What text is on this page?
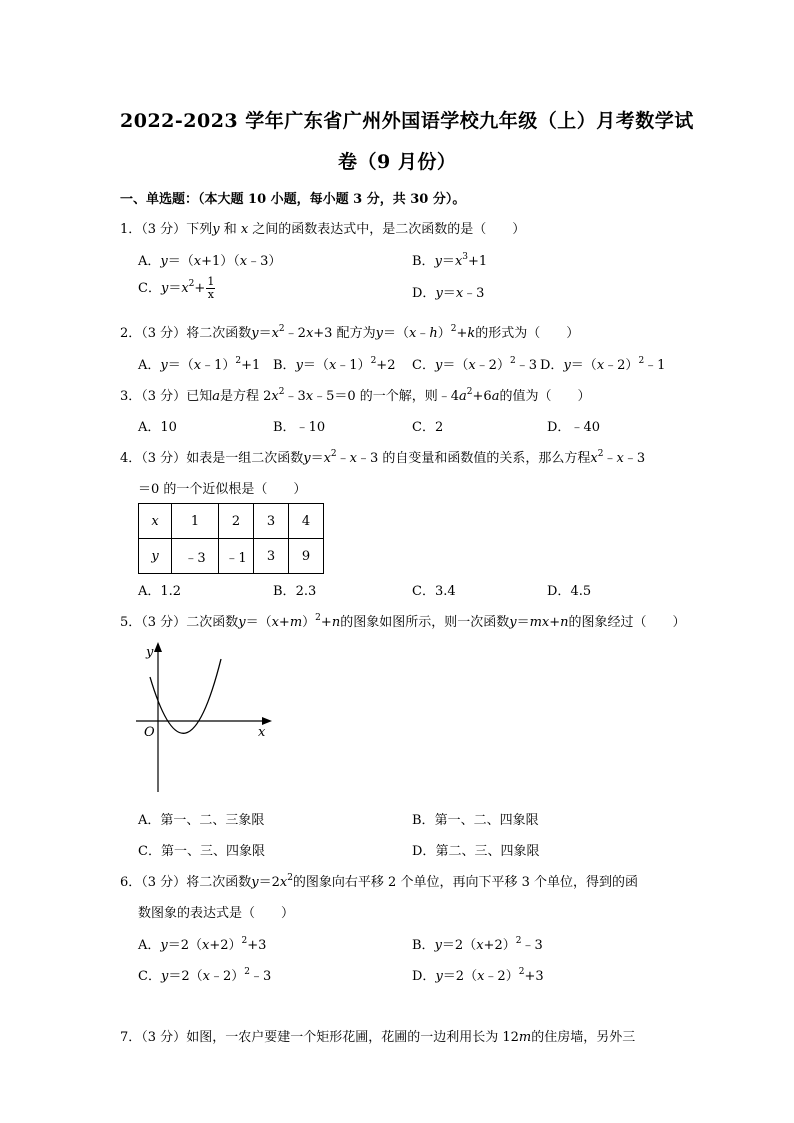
2022-2023 学年广东省广州外国语学校九年级（上）月考数学试
卷（9 月份）
一、单选题：（本大题 10 小题，每小题 3 分，共 30 分）。
1．（3 分）下列y 和 x 之间的函数表达式中，是二次函数的是（　　）
A．y＝（x+1）（x﹣3）	B．$y=x^3+1$
C．$y=x^2+ \frac{1}{x}$	D．y＝x﹣3
2．（3 分）将二次函数$y=x^2﹣2x+3$ 配方为y＝（x﹣h）$^2$+k的形式为（　　）
A．y＝（x﹣1）$^2$+1 B．y＝（x﹣1）$^2$+2 C．y＝（x﹣2）$^2$﹣3 D．y＝（x﹣2）$^2$﹣1
3．（3 分）已知a是方程 $2x^2﹣3x﹣5=0$ 的一个解，则$﹣4a^2+6a$的值为（　　）
A．10	B．﹣10	C．2	D．﹣40
4．（3 分）如表是一组二次函数$y=x^2﹣x﹣3$ 的自变量和函数值的关系，那么方程$x^2﹣x﹣3$
＝0 的一个近似根是（　　）
x	1	2	3	4
y	﹣3	﹣1	3	9
A．1.2	B．2.3	C．3.4	D．4.5
5．（3 分）二次函数$y=(x+m)^2+n$的图象如图所示，则一次函数y＝mx+n的图象经过（　　）
y
x
O
A．第一、二、三象限	B．第一、二、四象限
C．第一、三、四象限	D．第二、三、四象限
6．（3 分）将二次函数$y=2x^2$的图象向右平移 2 个单位，再向下平移 3 个单位，得到的函
数图象的表达式是（　　）
A．$y=2(x+2)^2+3$	B．$y=2(x+2)^2﹣3$
C．y＝2（x﹣2）$^2$﹣3	D．y＝2（x﹣2）$^2$+3
7．（3 分）如图，一农户要建一个矩形花圃，花圃的一边利用长为 12m的住房墙，另外三
